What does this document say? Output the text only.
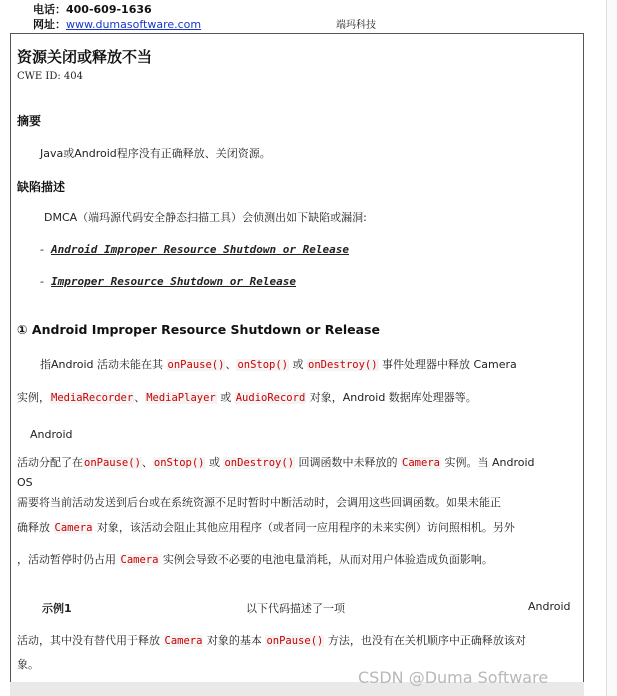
电话：400-609-1636
网址：www.dumasoftware.com	端玛科技
资源关闭或释放不当
CWE ID: 404
摘要
Java或Android程序没有正确释放、关闭资源。
缺陷描述
DMCA（端玛源代码安全静态扫描工具）会侦测出如下缺陷或漏洞:
- Android Improper Resource Shutdown or Release
- Improper Resource Shutdown or Release
① Android Improper Resource Shutdown or Release
指Android 活动未能在其 onPause()、onStop() 或 onDestroy() 事件处理器中释放 Camera
实例，MediaRecorder、MediaPlayer 或 AudioRecord 对象，Android 数据库处理器等。
Android
活动分配了在onPause()、onStop() 或 onDestroy() 回调函数中未释放的 Camera 实例。当 Android
OS
需要将当前活动发送到后台或在系统资源不足时暂时中断活动时，会调用这些回调函数。如果未能正
确释放 Camera 对象，该活动会阻止其他应用程序（或者同一应用程序的未来实例）访问照相机。另外
，活动暂停时仍占用 Camera 实例会导致不必要的电池电量消耗，从而对用户体验造成负面影响。
示例1	以下代码描述了一项	Android
活动，其中没有替代用于释放 Camera 对象的基本 onPause() 方法，也没有在关机顺序中正确释放该对
象。
CSDN @Duma Software
